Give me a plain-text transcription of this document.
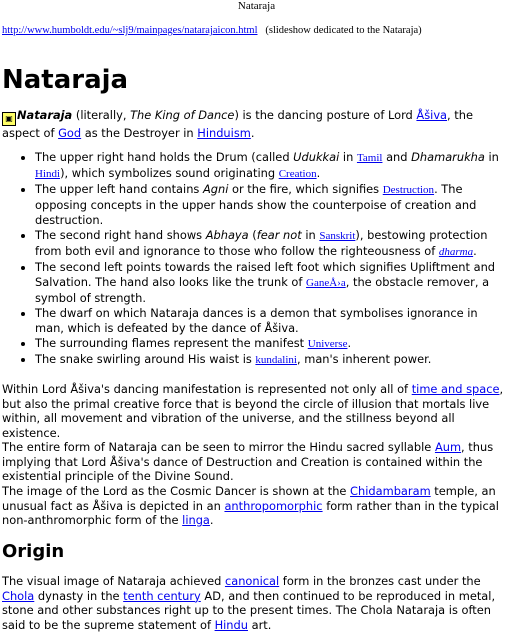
Nataraja
http://www.humboldt.edu/~slj9/mainpages/natarajaicon.html (slideshow dedicated to the Nataraja)
Nataraja
▣ Nataraja (literally, The King of Dance) is the dancing posture of Lord Åšiva, the aspect of God as the Destroyer in Hinduism.
• The upper right hand holds the Drum (called Udukkai in Tamil and Dhamarukha in Hindi), which symbolizes sound originating Creation.
• The upper left hand contains Agni or the fire, which signifies Destruction. The opposing concepts in the upper hands show the counterpoise of creation and destruction.
• The second right hand shows Abhaya (fear not in Sanskrit), bestowing protection from both evil and ignorance to those who follow the righteousness of dharma.
• The second left points towards the raised left foot which signifies Upliftment and Salvation. The hand also looks like the trunk of GaneÅ›a, the obstacle remover, a symbol of strength.
• The dwarf on which Nataraja dances is a demon that symbolises ignorance in man, which is defeated by the dance of Åšiva.
• The surrounding flames represent the manifest Universe.
• The snake swirling around His waist is kundalini, man's inherent power.

Within Lord Åšiva's dancing manifestation is represented not only all of time and space, but also the primal creative force that is beyond the circle of illusion that mortals live within, all movement and vibration of the universe, and the stillness beyond all existence.

The entire form of Nataraja can be seen to mirror the Hindu sacred syllable Aum, thus implying that Lord Åšiva's dance of Destruction and Creation is contained within the existential principle of the Divine Sound.

The image of the Lord as the Cosmic Dancer is shown at the Chidambaram temple, an unusual fact as Åšiva is depicted in an anthropomorphic form rather than in the typical non-anthromorphic form of the linga.

Origin

The visual image of Nataraja achieved canonical form in the bronzes cast under the Chola dynasty in the tenth century AD, and then continued to be reproduced in metal, stone and other substances right up to the present times. The Chola Nataraja is often said to be the supreme statement of Hindu art.
